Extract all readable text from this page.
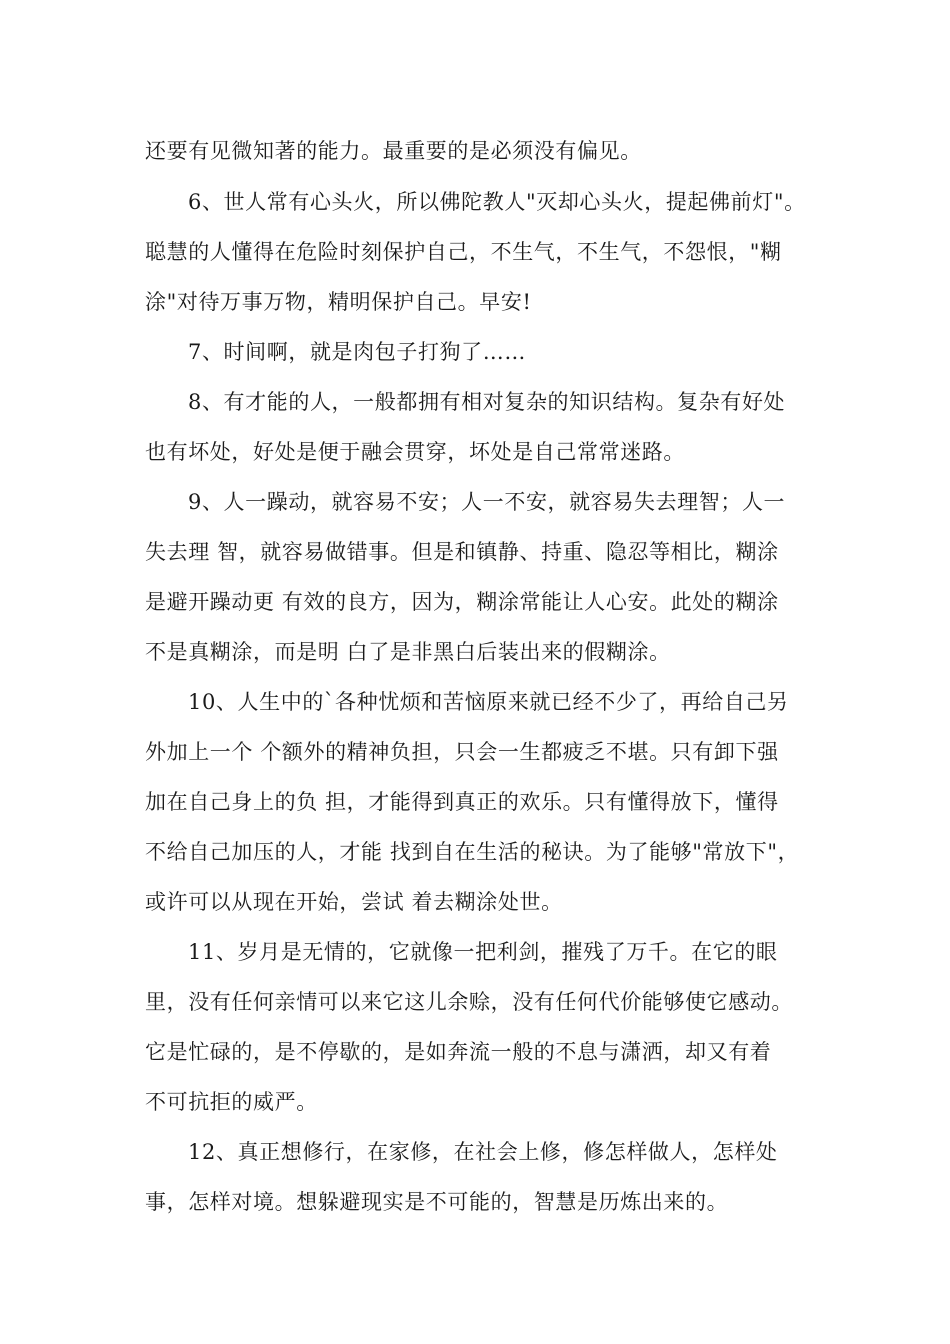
还要有见微知著的能力。最重要的是必须没有偏见。
6、世人常有心头火，所以佛陀教人"灭却心头火，提起佛前灯"。
聪慧的人懂得在危险时刻保护自己，不生气，不生气，不怨恨，"糊
涂"对待万事万物，精明保护自己。早安!
7、时间啊，就是肉包子打狗了……
8、有才能的人，一般都拥有相对复杂的知识结构。复杂有好处
也有坏处，好处是便于融会贯穿，坏处是自己常常迷路。
9、人一躁动，就容易不安；人一不安，就容易失去理智；人一
失去理 智，就容易做错事。但是和镇静、持重、隐忍等相比，糊涂
是避开躁动更 有效的良方，因为，糊涂常能让人心安。此处的糊涂
不是真糊涂，而是明 白了是非黑白后装出来的假糊涂。
10、人生中的`各种忧烦和苦恼原来就已经不少了，再给自己另
外加上一个 个额外的精神负担，只会一生都疲乏不堪。只有卸下强
加在自己身上的负 担，才能得到真正的欢乐。只有懂得放下，懂得
不给自己加压的人，才能 找到自在生活的秘诀。为了能够"常放下"，
或许可以从现在开始，尝试 着去糊涂处世。
11、岁月是无情的，它就像一把利剑，摧残了万千。在它的眼
里，没有任何亲情可以来它这儿余赊，没有任何代价能够使它感动。
它是忙碌的，是不停歇的，是如奔流一般的不息与潇洒，却又有着
不可抗拒的威严。
12、真正想修行，在家修，在社会上修，修怎样做人，怎样处
事，怎样对境。想躲避现实是不可能的，智慧是历炼出来的。
